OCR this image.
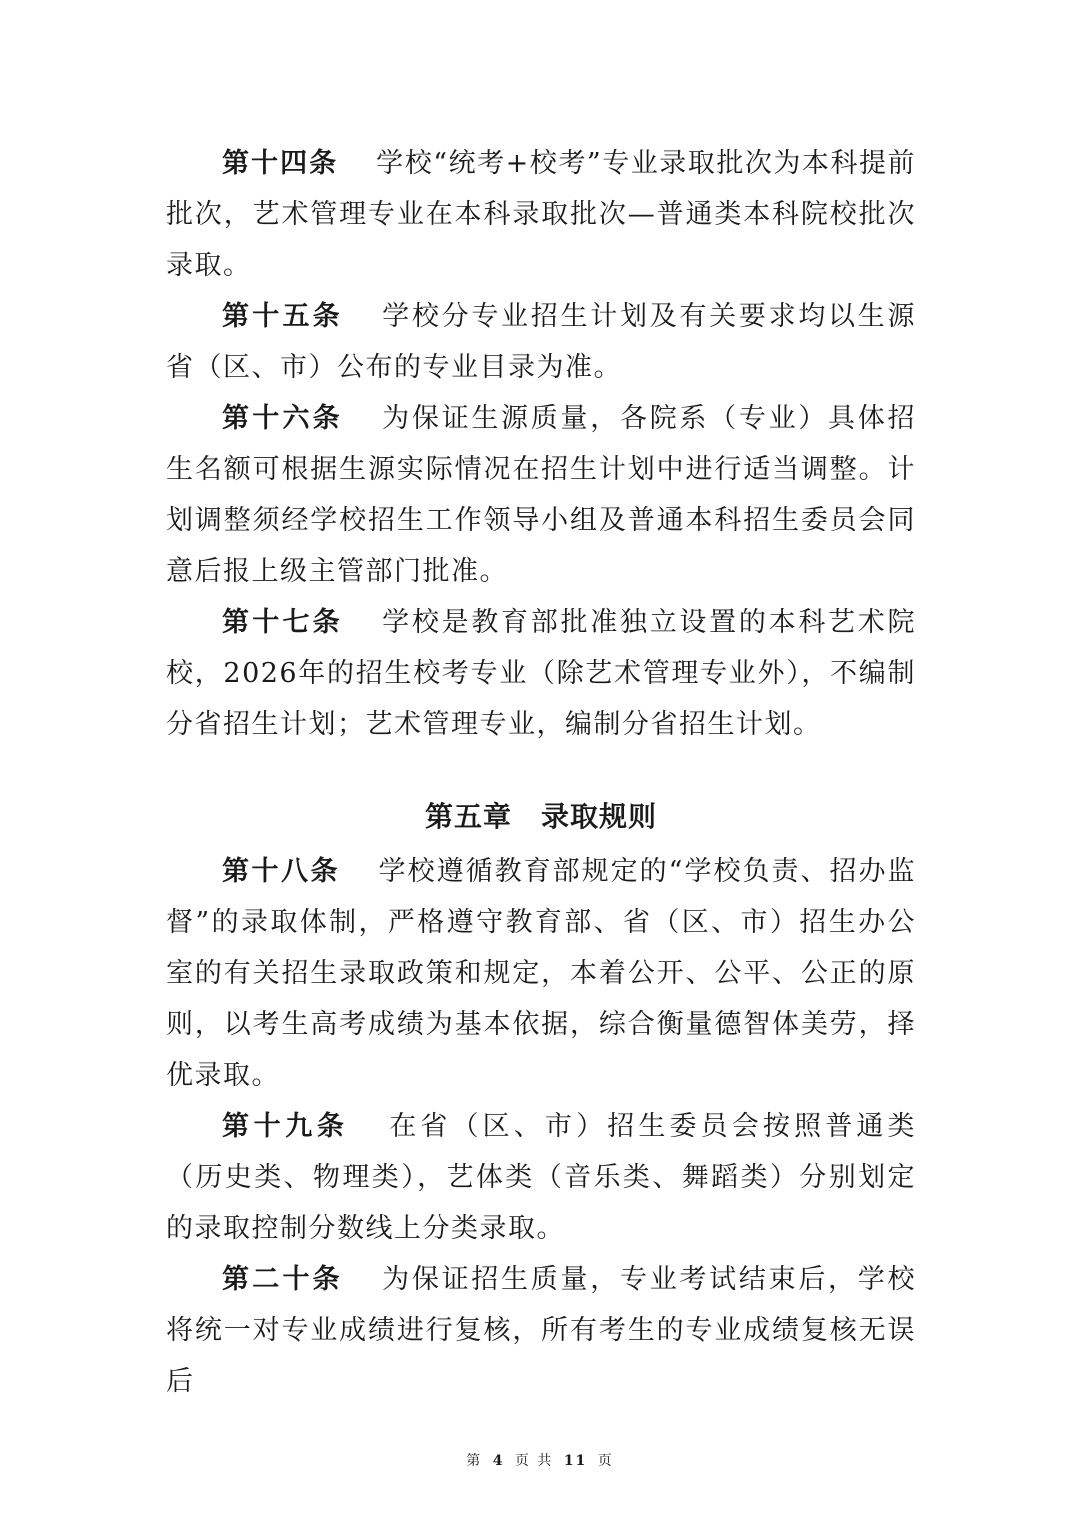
第十四条 学校“统考+校考”专业录取批次为本科提前批次，艺术管理专业在本科录取批次—普通类本科院校批次录取。

第十五条 学校分专业招生计划及有关要求均以生源省（区、市）公布的专业目录为准。

第十六条 为保证生源质量，各院系（专业）具体招生名额可根据生源实际情况在招生计划中进行适当调整。计划调整须经学校招生工作领导小组及普通本科招生委员会同意后报上级主管部门批准。

第十七条 学校是教育部批准独立设置的本科艺术院校，2026年的招生校考专业（除艺术管理专业外），不编制分省招生计划；艺术管理专业，编制分省招生计划。

第五章　录取规则

第十八条 学校遵循教育部规定的“学校负责、招办监督”的录取体制，严格遵守教育部、省（区、市）招生办公室的有关招生录取政策和规定，本着公开、公平、公正的原则，以考生高考成绩为基本依据，综合衡量德智体美劳，择优录取。

第十九条 在省（区、市）招生委员会按照普通类（历史类、物理类），艺体类（音乐类、舞蹈类）分别划定的录取控制分数线上分类录取。

第二十条 为保证招生质量，专业考试结束后，学校将统一对专业成绩进行复核，所有考生的专业成绩复核无误后

第 4 页 共 11 页
